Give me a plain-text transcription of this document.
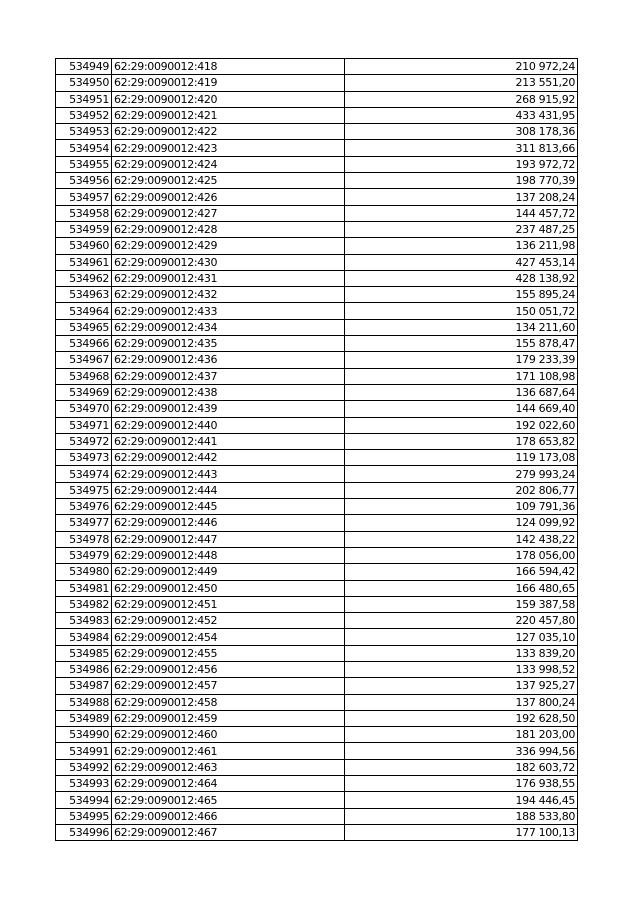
534949	62:29:0090012:418	210 972,24
534950	62:29:0090012:419	213 551,20
534951	62:29:0090012:420	268 915,92
534952	62:29:0090012:421	433 431,95
534953	62:29:0090012:422	308 178,36
534954	62:29:0090012:423	311 813,66
534955	62:29:0090012:424	193 972,72
534956	62:29:0090012:425	198 770,39
534957	62:29:0090012:426	137 208,24
534958	62:29:0090012:427	144 457,72
534959	62:29:0090012:428	237 487,25
534960	62:29:0090012:429	136 211,98
534961	62:29:0090012:430	427 453,14
534962	62:29:0090012:431	428 138,92
534963	62:29:0090012:432	155 895,24
534964	62:29:0090012:433	150 051,72
534965	62:29:0090012:434	134 211,60
534966	62:29:0090012:435	155 878,47
534967	62:29:0090012:436	179 233,39
534968	62:29:0090012:437	171 108,98
534969	62:29:0090012:438	136 687,64
534970	62:29:0090012:439	144 669,40
534971	62:29:0090012:440	192 022,60
534972	62:29:0090012:441	178 653,82
534973	62:29:0090012:442	119 173,08
534974	62:29:0090012:443	279 993,24
534975	62:29:0090012:444	202 806,77
534976	62:29:0090012:445	109 791,36
534977	62:29:0090012:446	124 099,92
534978	62:29:0090012:447	142 438,22
534979	62:29:0090012:448	178 056,00
534980	62:29:0090012:449	166 594,42
534981	62:29:0090012:450	166 480,65
534982	62:29:0090012:451	159 387,58
534983	62:29:0090012:452	220 457,80
534984	62:29:0090012:454	127 035,10
534985	62:29:0090012:455	133 839,20
534986	62:29:0090012:456	133 998,52
534987	62:29:0090012:457	137 925,27
534988	62:29:0090012:458	137 800,24
534989	62:29:0090012:459	192 628,50
534990	62:29:0090012:460	181 203,00
534991	62:29:0090012:461	336 994,56
534992	62:29:0090012:463	182 603,72
534993	62:29:0090012:464	176 938,55
534994	62:29:0090012:465	194 446,45
534995	62:29:0090012:466	188 533,80
534996	62:29:0090012:467	177 100,13
